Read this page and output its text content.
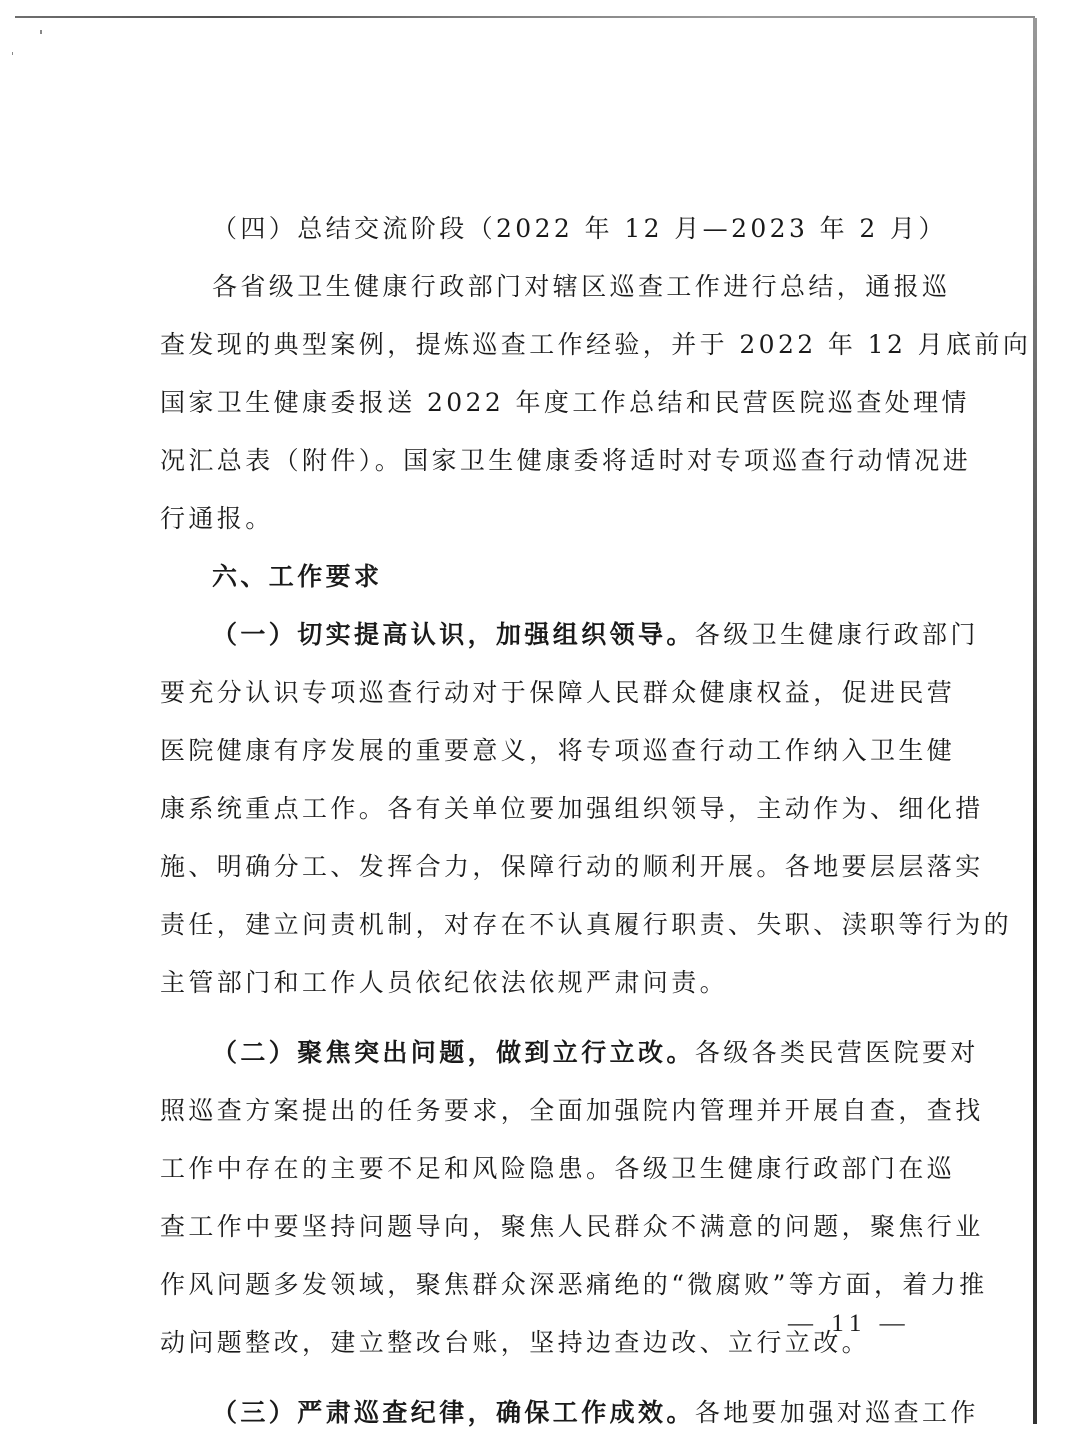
（四）总结交流阶段（2022 年 12 月—2023 年 2 月）
各省级卫生健康行政部门对辖区巡查工作进行总结，通报巡
查发现的典型案例，提炼巡查工作经验，并于 2022 年 12 月底前向
国家卫生健康委报送 2022 年度工作总结和民营医院巡查处理情
况汇总表（附件）。国家卫生健康委将适时对专项巡查行动情况进
行通报。
六、工作要求
（一）切实提高认识，加强组织领导。各级卫生健康行政部门
要充分认识专项巡查行动对于保障人民群众健康权益，促进民营
医院健康有序发展的重要意义，将专项巡查行动工作纳入卫生健
康系统重点工作。各有关单位要加强组织领导，主动作为、细化措
施、明确分工、发挥合力，保障行动的顺利开展。各地要层层落实
责任，建立问责机制，对存在不认真履行职责、失职、渎职等行为的
主管部门和工作人员依纪依法依规严肃问责。
（二）聚焦突出问题，做到立行立改。各级各类民营医院要对
照巡查方案提出的任务要求，全面加强院内管理并开展自查，查找
工作中存在的主要不足和风险隐患。各级卫生健康行政部门在巡
查工作中要坚持问题导向，聚焦人民群众不满意的问题，聚焦行业
作风问题多发领域，聚焦群众深恶痛绝的“微腐败”等方面，着力推
动问题整改，建立整改台账，坚持边查边改、立行立改。
（三）严肃巡查纪律，确保工作成效。各地要加强对巡查工作
— 11 —
